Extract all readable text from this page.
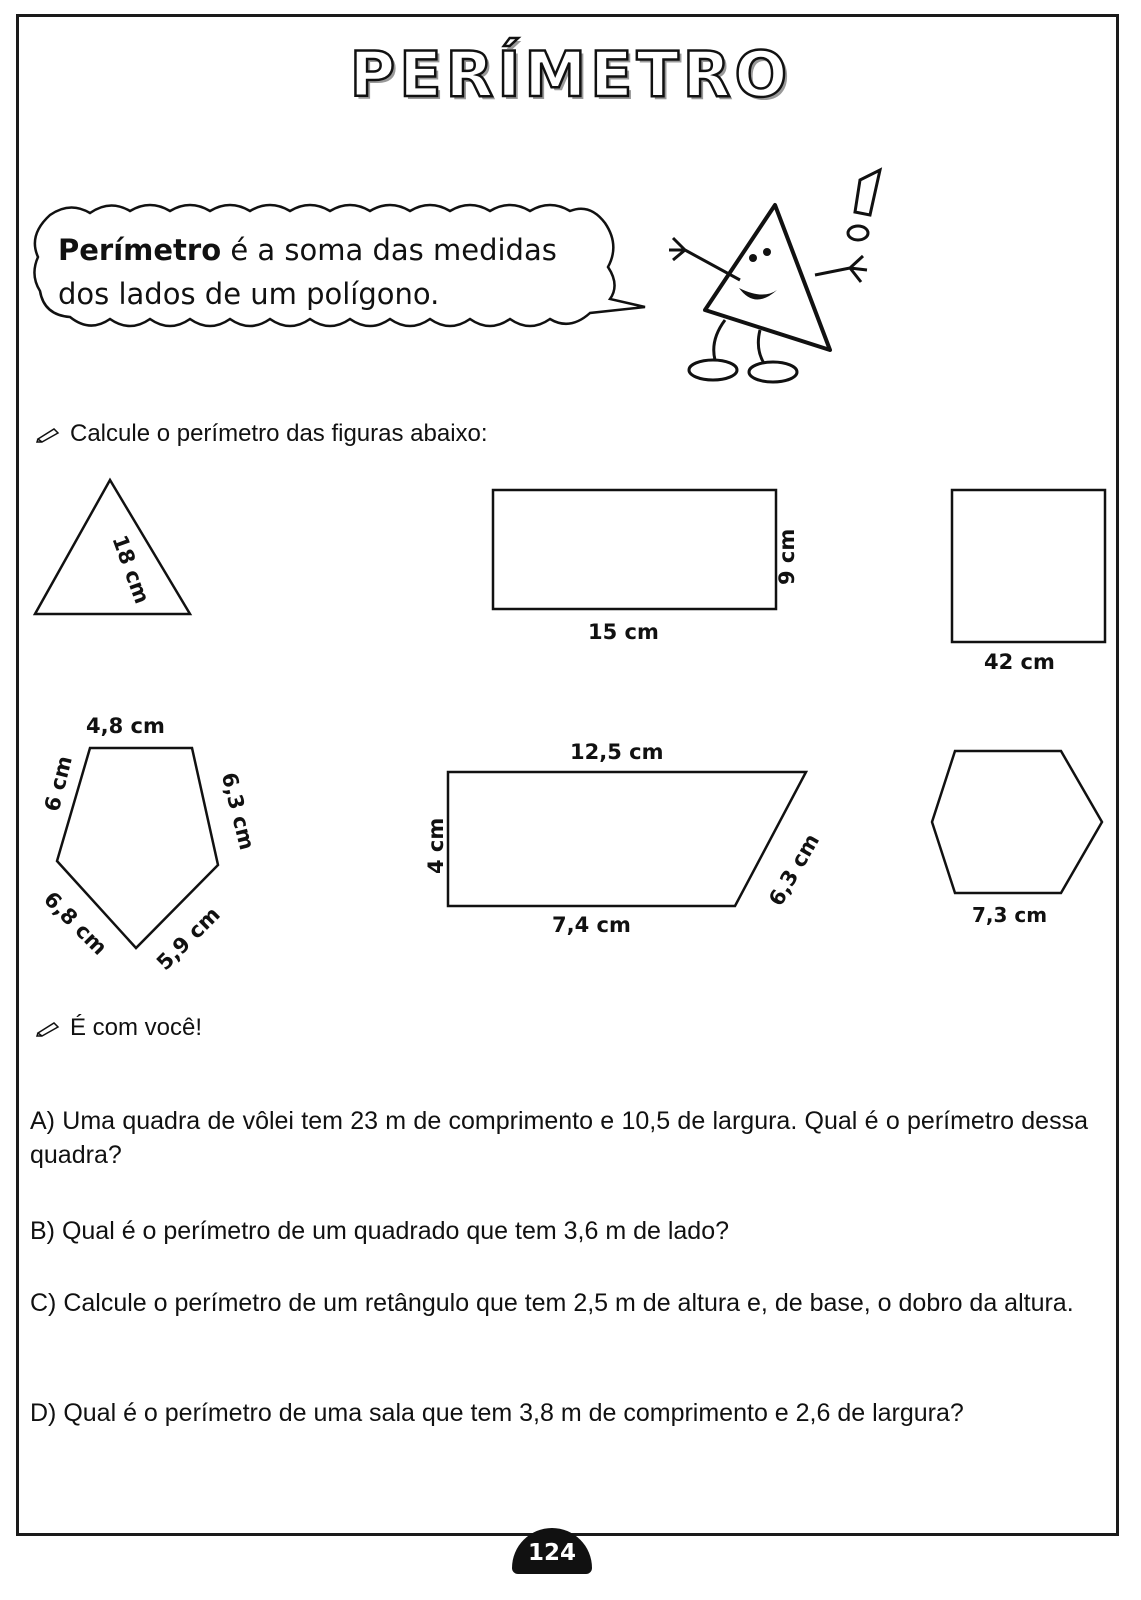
PERÍMETRO
Perímetro é a soma das medidas
dos lados de um polígono.
Calcule o perímetro das figuras abaixo:
18 cm	9 cm
15 cm
42 cm
4,8 cm
6 cm	6,3 cm
6,8 cm 5,9 cm
12,5 cm
4 cm	6,3 cm
7,4 cm	7,3 cm
É com você!
A) Uma quadra de vôlei tem 23 m de comprimento e 10,5 de largura. Qual é o perímetro dessa quadra?
B) Qual é o perímetro de um quadrado que tem 3,6 m de lado?
C) Calcule o perímetro de um retângulo que tem 2,5 m de altura e, de base, o dobro da altura.
D) Qual é o perímetro de uma sala que tem 3,8 m de comprimento e 2,6 de largura?
124
